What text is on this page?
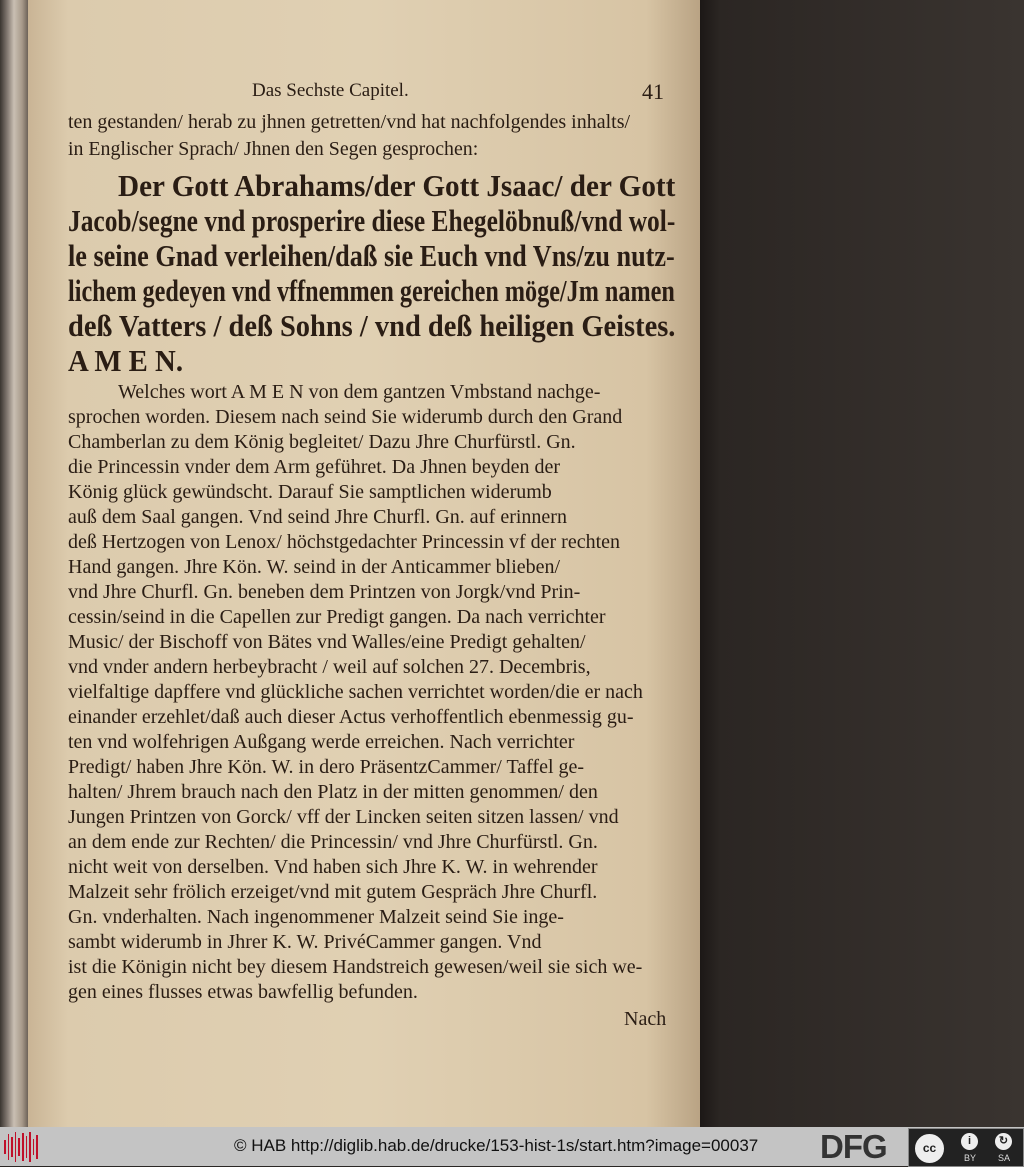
Das Sechste Capitel.	41
ten gestanden/ herab zu jhnen getretten/vnd hat nachfolgendes inhalts/
in Englischer Sprach/ Jhnen den Segen gesprochen:
Der Gott Abrahams/der Gott Jsaac/ der Gott
Jacob/segne vnd prosperire diese Ehegelöbnuß/vnd wol-
le seine Gnad verleihen/daß sie Euch vnd Vns/zu nutz-
lichem gedeyen vnd vffnemmen gereichen möge/Jm namen
deß Vatters / deß Sohns / vnd deß heiligen Geistes.
A M E N.
Welches wort A M E N von dem gantzen Vmbstand nachge-
sprochen worden. Diesem nach seind Sie widerumb durch den Grand
Chamberlan zu dem König begleitet/ Dazu Jhre Churfürstl. Gn.
die Princessin vnder dem Arm geführet. Da Jhnen beyden der
König glück gewündscht. Darauf Sie samptlichen widerumb
auß dem Saal gangen. Vnd seind Jhre Churfl. Gn. auf erinnern
deß Hertzogen von Lenox/ höchstgedachter Princessin vf der rechten
Hand gangen. Jhre Kön. W. seind in der Anticammer blieben/
vnd Jhre Churfl. Gn. beneben dem Printzen von Jorgk/vnd Prin-
cessin/seind in die Capellen zur Predigt gangen. Da nach verrichter
Music/ der Bischoff von Bätes vnd Walles/eine Predigt gehalten/
vnd vnder andern herbeybracht / weil auf solchen 27. Decembris,
vielfaltige dapffere vnd glückliche sachen verrichtet worden/die er nach
einander erzehlet/daß auch dieser Actus verhoffentlich ebenmessig gu-
ten vnd wolfehrigen Außgang werde erreichen. Nach verrichter
Predigt/ haben Jhre Kön. W. in dero PräsentzCammer/ Taffel ge-
halten/ Jhrem brauch nach den Platz in der mitten genommen/ den
Jungen Printzen von Gorck/ vff der Lincken seiten sitzen lassen/ vnd
an dem ende zur Rechten/ die Princessin/ vnd Jhre Churfürstl. Gn.
nicht weit von derselben. Vnd haben sich Jhre K. W. in wehrender
Malzeit sehr frölich erzeiget/vnd mit gutem Gespräch Jhre Churfl.
Gn. vnderhalten. Nach ingenommener Malzeit seind Sie inge-
sambt widerumb in Jhrer K. W. PrivéCammer gangen. Vnd
ist die Königin nicht bey diesem Handstreich gewesen/weil sie sich we-
gen eines flusses etwas bawfellig befunden.
Nach
© HAB http://diglib.hab.de/drucke/153-hist-1s/start.htm?image=00037 DFG	cc	i	↻
BY SA
